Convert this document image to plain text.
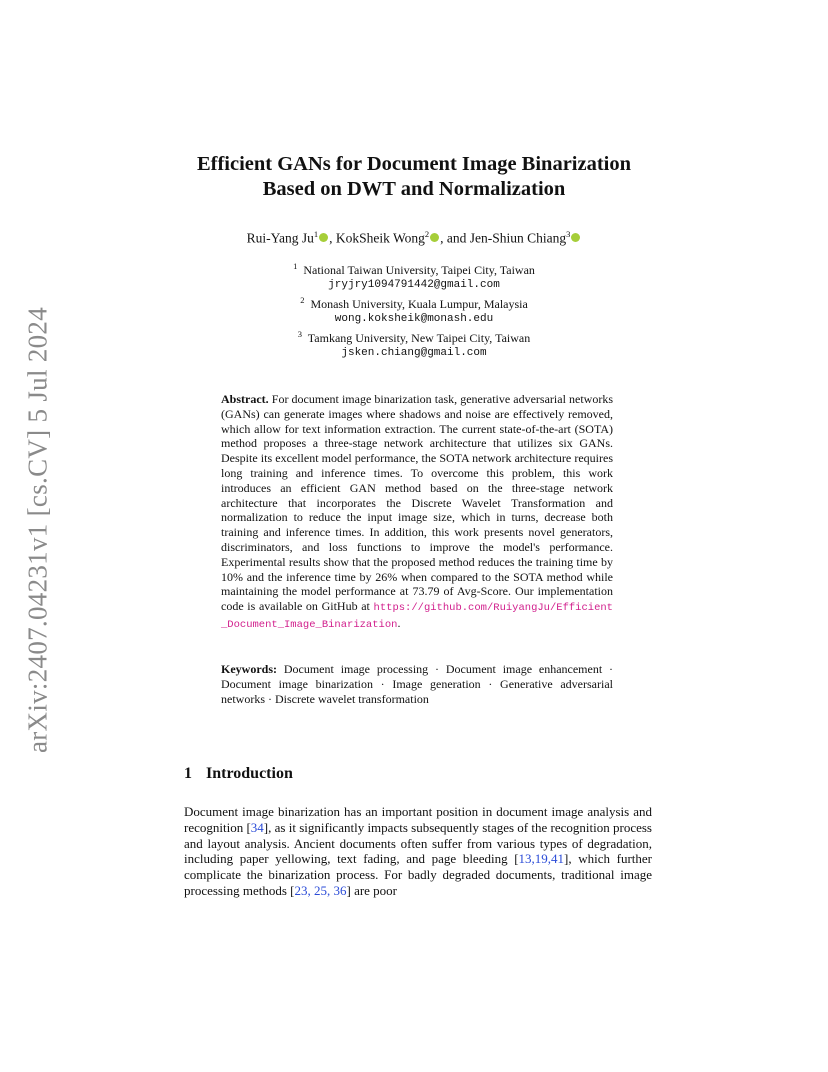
arXiv:2407.04231v1 [cs.CV] 5 Jul 2024
Efficient GANs for Document Image Binarization
Based on DWT and Normalization
Rui-Yang Ju$^1$ , KokSheik Wong$^2$ , and Jen-Shiun Chiang$^3$
$^1$ National Taiwan University, Taipei City, Taiwan
jryjry1094791442@gmail.com
$^2$ Monash University, Kuala Lumpur, Malaysia
wong.koksheik@monash.edu
$^3$ Tamkang University, New Taipei City, Taiwan
jsken.chiang@gmail.com
Abstract. For document image binarization task, generative adversarial networks (GANs) can generate images where shadows and noise are effectively removed, which allow for text information extraction. The current state-of-the-art (SOTA) method proposes a three-stage network architecture that utilizes six GANs. Despite its excellent model performance, the SOTA network architecture requires long training and inference times. To overcome this problem, this work introduces an efficient GAN method based on the three-stage network architecture that incorporates the Discrete Wavelet Transformation and normalization to reduce the input image size, which in turns, decrease both training and inference times. In addition, this work presents novel generators, discriminators, and loss functions to improve the model's performance. Experimental results show that the proposed method reduces the training time by 10% and the inference time by 26% when compared to the SOTA method while maintaining the model performance at 73.79 of Avg-Score. Our implementation code is available on GitHub at https://github.com/RuiyangJu/Efficient_Document_Image_Binarization.
Keywords: Document image processing · Document image enhancement · Document image binarization · Image generation · Generative adversarial networks · Discrete wavelet transformation
1 Introduction
Document image binarization has an important position in document image analysis and recognition [34], as it significantly impacts subsequently stages of the recognition process and layout analysis. Ancient documents often suffer from various types of degradation, including paper yellowing, text fading, and page bleeding [13,19,41], which further complicate the binarization process. For badly degraded documents, traditional image processing methods [23, 25, 36] are poor
